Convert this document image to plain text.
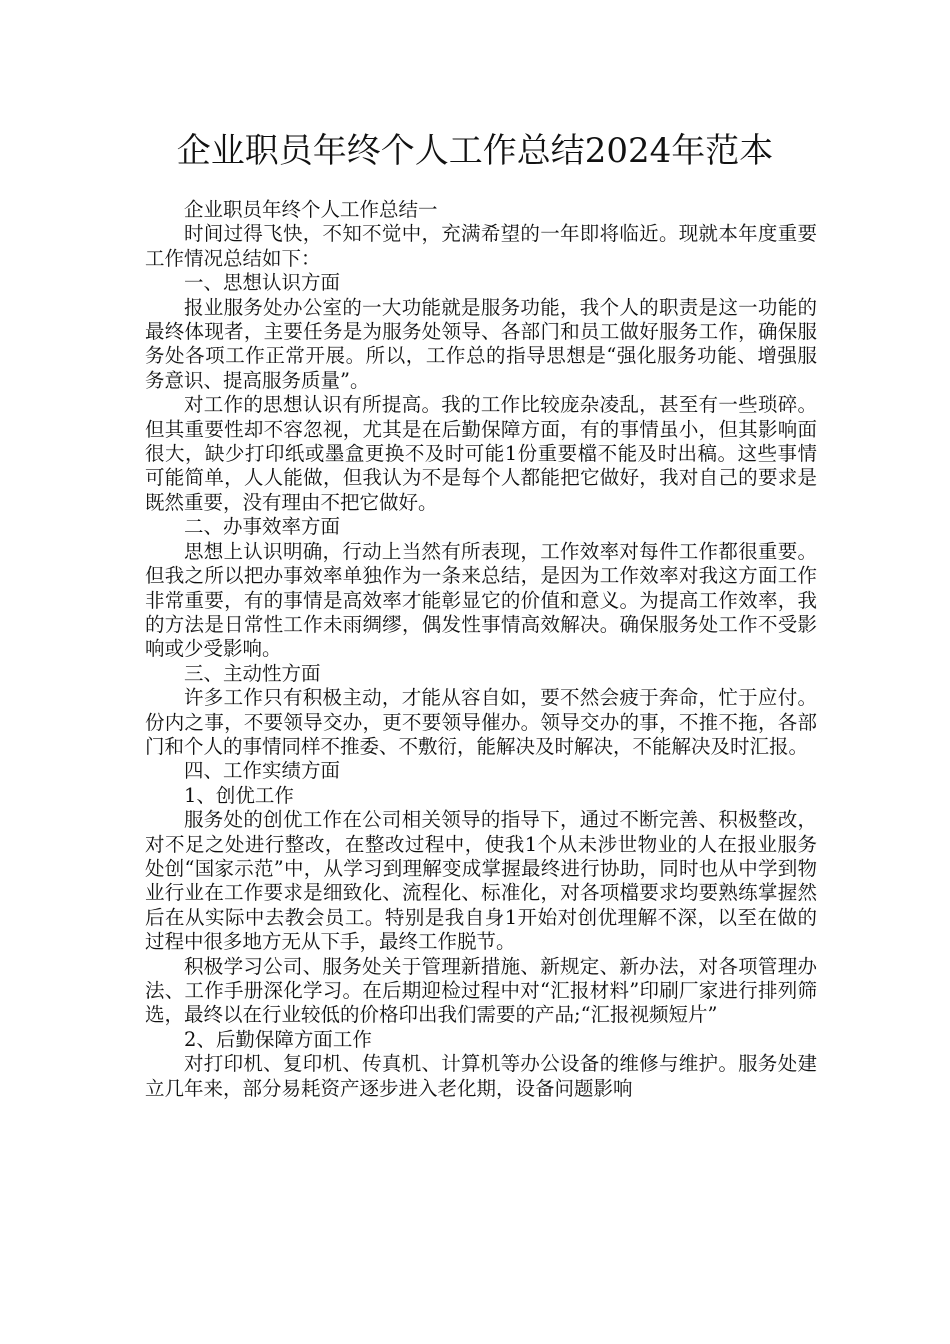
企业职员年终个人工作总结2024年范本

企业职员年终个人工作总结一

时间过得飞快，不知不觉中，充满希望的一年即将临近。现就本年度重要工作情况总结如下：

一、思想认识方面

报业服务处办公室的一大功能就是服务功能，我个人的职责是这一功能的最终体现者，主要任务是为服务处领导、各部门和员工做好服务工作，确保服务处各项工作正常开展。所以，工作总的指导思想是“强化服务功能、增强服务意识、提高服务质量”。

对工作的思想认识有所提高。我的工作比较庞杂凌乱，甚至有一些琐碎。但其重要性却不容忽视，尤其是在后勤保障方面，有的事情虽小，但其影响面很大，缺少打印纸或墨盒更换不及时可能1份重要檔不能及时出稿。这些事情可能简单，人人能做，但我认为不是每个人都能把它做好，我对自己的要求是既然重要，没有理由不把它做好。

二、办事效率方面

思想上认识明确，行动上当然有所表现，工作效率对每件工作都很重要。但我之所以把办事效率单独作为一条来总结，是因为工作效率对我这方面工作非常重要，有的事情是高效率才能彰显它的价值和意义。为提高工作效率，我的方法是日常性工作未雨绸缪，偶发性事情高效解决。确保服务处工作不受影响或少受影响。

三、主动性方面

许多工作只有积极主动，才能从容自如，要不然会疲于奔命，忙于应付。份内之事，不要领导交办，更不要领导催办。领导交办的事，不推不拖，各部门和个人的事情同样不推委、不敷衍，能解决及时解决，不能解决及时汇报。

四、工作实绩方面

1、创优工作

服务处的创优工作在公司相关领导的指导下，通过不断完善、积极整改，对不足之处进行整改，在整改过程中，使我1个从未涉世物业的人在报业服务处创“国家示范”中，从学习到理解变成掌握最终进行协助，同时也从中学到物业行业在工作要求是细致化、流程化、标准化，对各项檔要求均要熟练掌握然后在从实际中去教会员工。特别是我自身1开始对创优理解不深，以至在做的过程中很多地方无从下手，最终工作脱节。

积极学习公司、服务处关于管理新措施、新规定、新办法，对各项管理办法、工作手册深化学习。在后期迎检过程中对“汇报材料”印刷厂家进行排列筛选，最终以在行业较低的价格印出我们需要的产品;“汇报视频短片”

2、后勤保障方面工作

对打印机、复印机、传真机、计算机等办公设备的维修与维护。服务处建立几年来，部分易耗资产逐步进入老化期，设备问题影响
